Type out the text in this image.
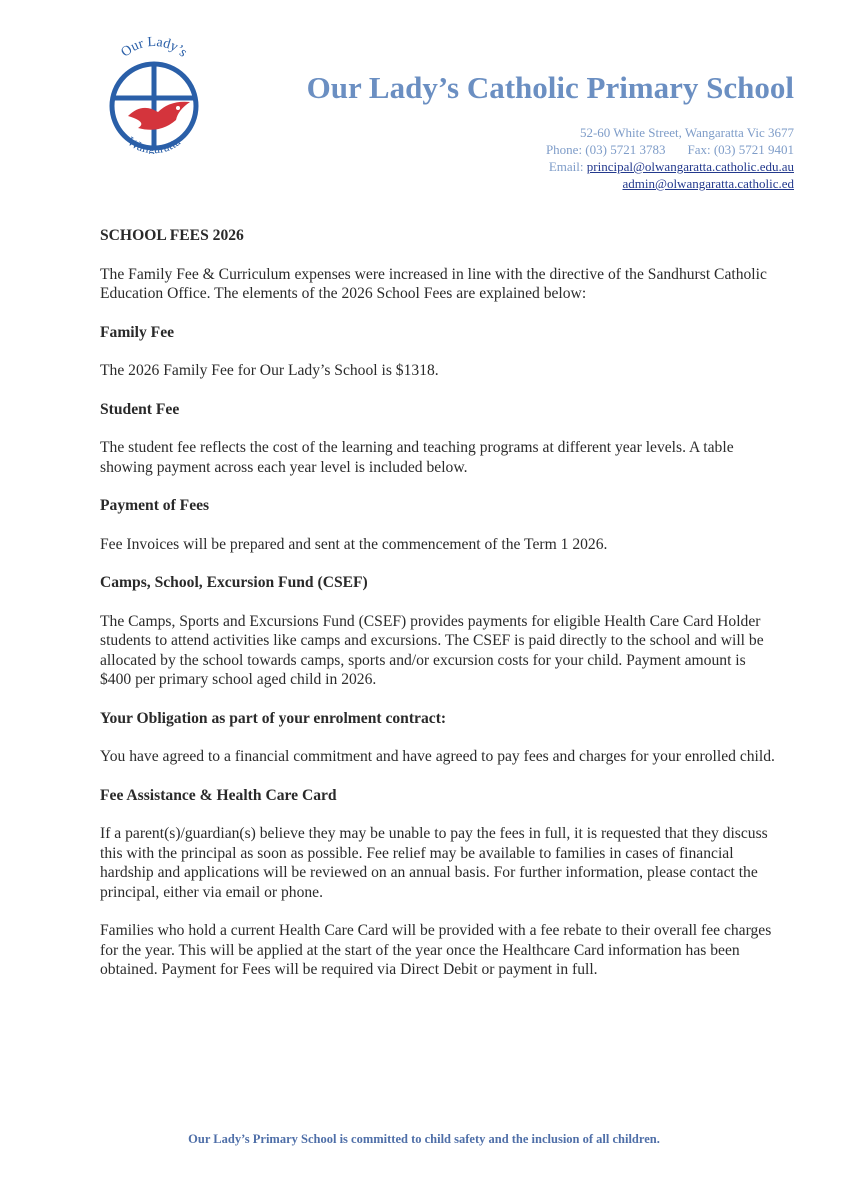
Our Lady’s
Wangaratta
Our Lady’s Catholic Primary School
52-60 White Street, Wangaratta Vic 3677
Phone: (03) 5721 3783 Fax: (03) 5721 9401
Email: principal@olwangaratta.catholic.edu.au
admin@olwangaratta.catholic.ed
SCHOOL FEES 2026

The Family Fee & Curriculum expenses were increased in line with the directive of the Sandhurst Catholic Education Office. The elements of the 2026 School Fees are explained below:

Family Fee

The 2026 Family Fee for Our Lady’s School is $1318.

Student Fee

The student fee reflects the cost of the learning and teaching programs at different year levels. A table showing payment across each year level is included below.

Payment of Fees

Fee Invoices will be prepared and sent at the commencement of the Term 1 2026.

Camps, School, Excursion Fund (CSEF)

The Camps, Sports and Excursions Fund (CSEF) provides payments for eligible Health Care Card Holder students to attend activities like camps and excursions. The CSEF is paid directly to the school and will be allocated by the school towards camps, sports and/or excursion costs for your child. Payment amount is $400 per primary school aged child in 2026.

Your Obligation as part of your enrolment contract:

You have agreed to a financial commitment and have agreed to pay fees and charges for your enrolled child.

Fee Assistance & Health Care Card

If a parent(s)/guardian(s) believe they may be unable to pay the fees in full, it is requested that they discuss this with the principal as soon as possible. Fee relief may be available to families in cases of financial hardship and applications will be reviewed on an annual basis. For further information, please contact the principal, either via email or phone.

Families who hold a current Health Care Card will be provided with a fee rebate to their overall fee charges for the year. This will be applied at the start of the year once the Healthcare Card information has been obtained. Payment for Fees will be required via Direct Debit or payment in full.

Our Lady’s Primary School is committed to child safety and the inclusion of all children.
